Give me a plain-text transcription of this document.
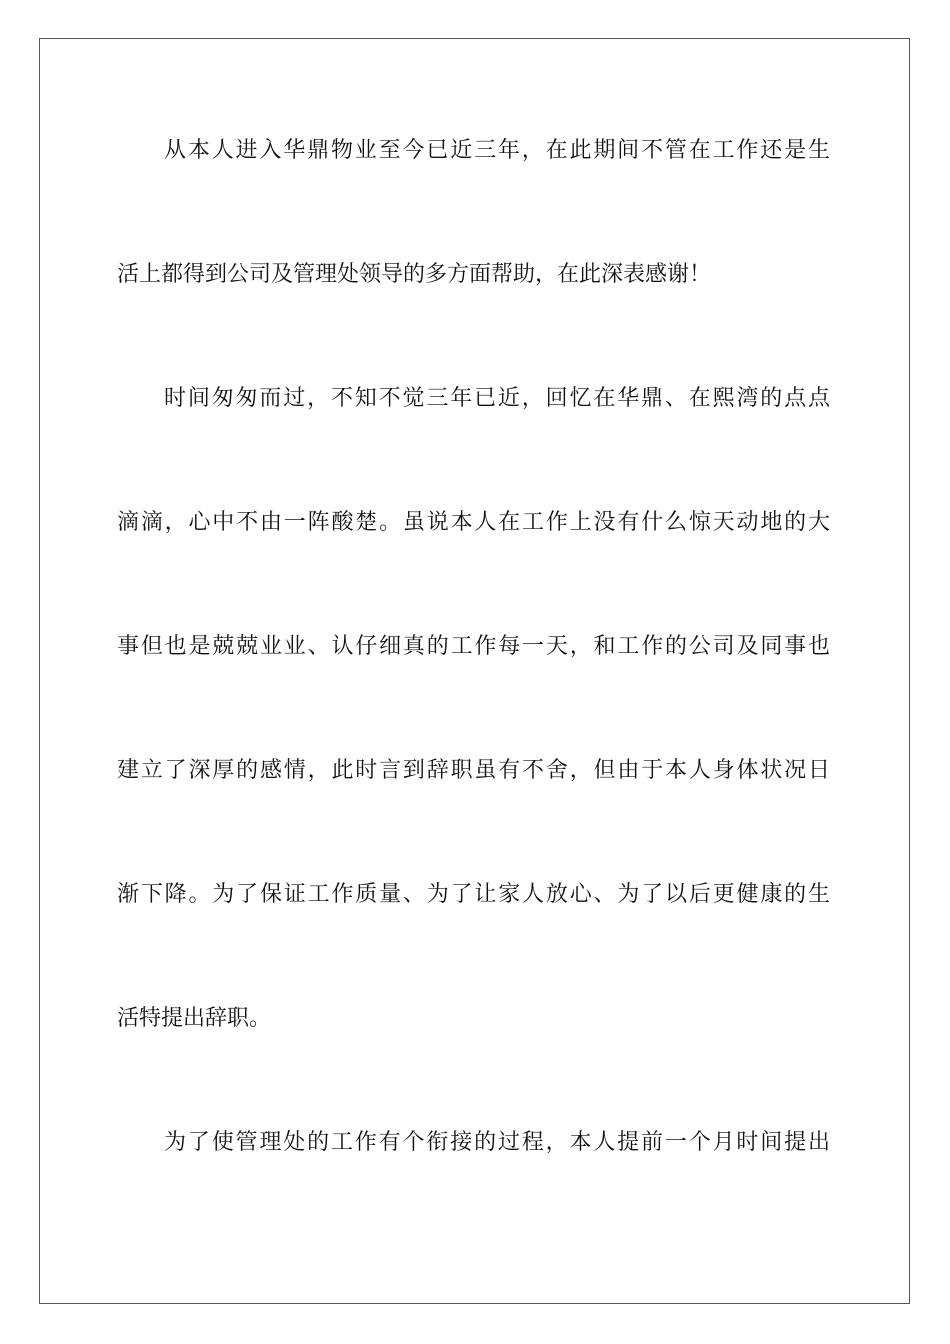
从本人进入华鼎物业至今已近三年，在此期间不管在工作还是生
活上都得到公司及管理处领导的多方面帮助，在此深表感谢！
时间匆匆而过，不知不觉三年已近，回忆在华鼎、在熙湾的点点
滴滴，心中不由一阵酸楚。虽说本人在工作上没有什么惊天动地的大
事但也是兢兢业业、认仔细真的工作每一天，和工作的公司及同事也
建立了深厚的感情，此时言到辞职虽有不舍，但由于本人身体状况日
渐下降。为了保证工作质量、为了让家人放心、为了以后更健康的生
活特提出辞职。
为了使管理处的工作有个衔接的过程，本人提前一个月时间提出
